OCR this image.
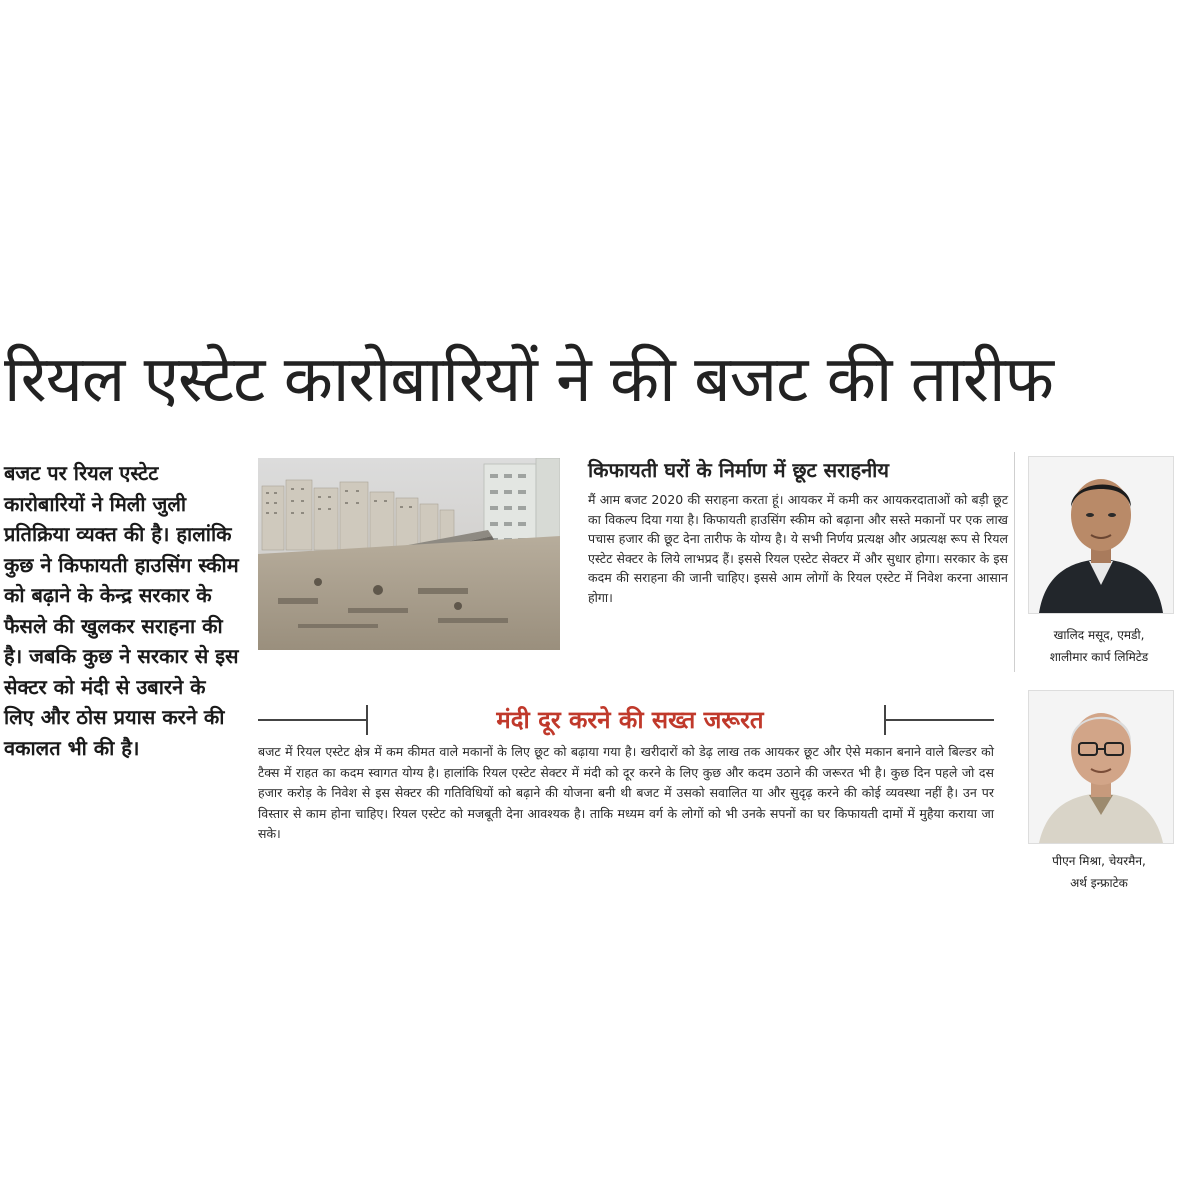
रियल एस्टेट कारोबारियों ने की बजट की तारीफ
बजट पर रियल एस्टेट कारोबारियों ने मिली जुली प्रतिक्रिया व्यक्त की है। हालांकि कुछ ने किफायती हाउसिंग स्कीम को बढ़ाने के केन्द्र सरकार के फैसले की खुलकर सराहना की है। जबकि कुछ ने सरकार से इस सेक्टर को मंदी से उबारने के लिए और ठोस प्रयास करने की वकालत भी की है।
किफायती घरों के निर्माण में छूट सराहनीय
मैं आम बजट 2020 की सराहना करता हूं। आयकर में कमी कर आयकरदाताओं को बड़ी छूट का विकल्प दिया गया है। किफायती हाउसिंग स्कीम को बढ़ाना और सस्ते मकानों पर एक लाख पचास हजार की छूट देना तारीफ के योग्य है। ये सभी निर्णय प्रत्यक्ष और अप्रत्यक्ष रूप से रियल एस्टेट सेक्टर के लिये लाभप्रद हैं। इससे रियल एस्टेट सेक्टर में और सुधार होगा। सरकार के इस कदम की सराहना की जानी चाहिए। इससे आम लोगों के रियल एस्टेट में निवेश करना आसान होगा।
खालिद मसूद, एमडी,
शालीमार कार्प लिमिटेड
मंदी दूर करने की सख्त जरूरत
बजट में रियल एस्टेट क्षेत्र में कम कीमत वाले मकानों के लिए छूट को बढ़ाया गया है। खरीदारों को डेढ़ लाख तक आयकर छूट और ऐसे मकान बनाने वाले बिल्डर को टैक्स में राहत का कदम स्वागत योग्य है। हालांकि रियल एस्टेट सेक्टर में मंदी को दूर करने के लिए कुछ और कदम उठाने की जरूरत भी है। कुछ दिन पहले जो दस हजार करोड़ के निवेश से इस सेक्टर की गतिविधियों को बढ़ाने की योजना बनी थी बजट में उसको सवालित या और सुदृढ़ करने की कोई व्यवस्था नहीं है। उन पर विस्तार से काम होना चाहिए। रियल एस्टेट को मजबूती देना आवश्यक है। ताकि मध्यम वर्ग के लोगों को भी उनके सपनों का घर किफायती दामों में मुहैया कराया जा सके।
पीएन मिश्रा, चेयरमैन,
अर्थ इन्फ्राटेक
